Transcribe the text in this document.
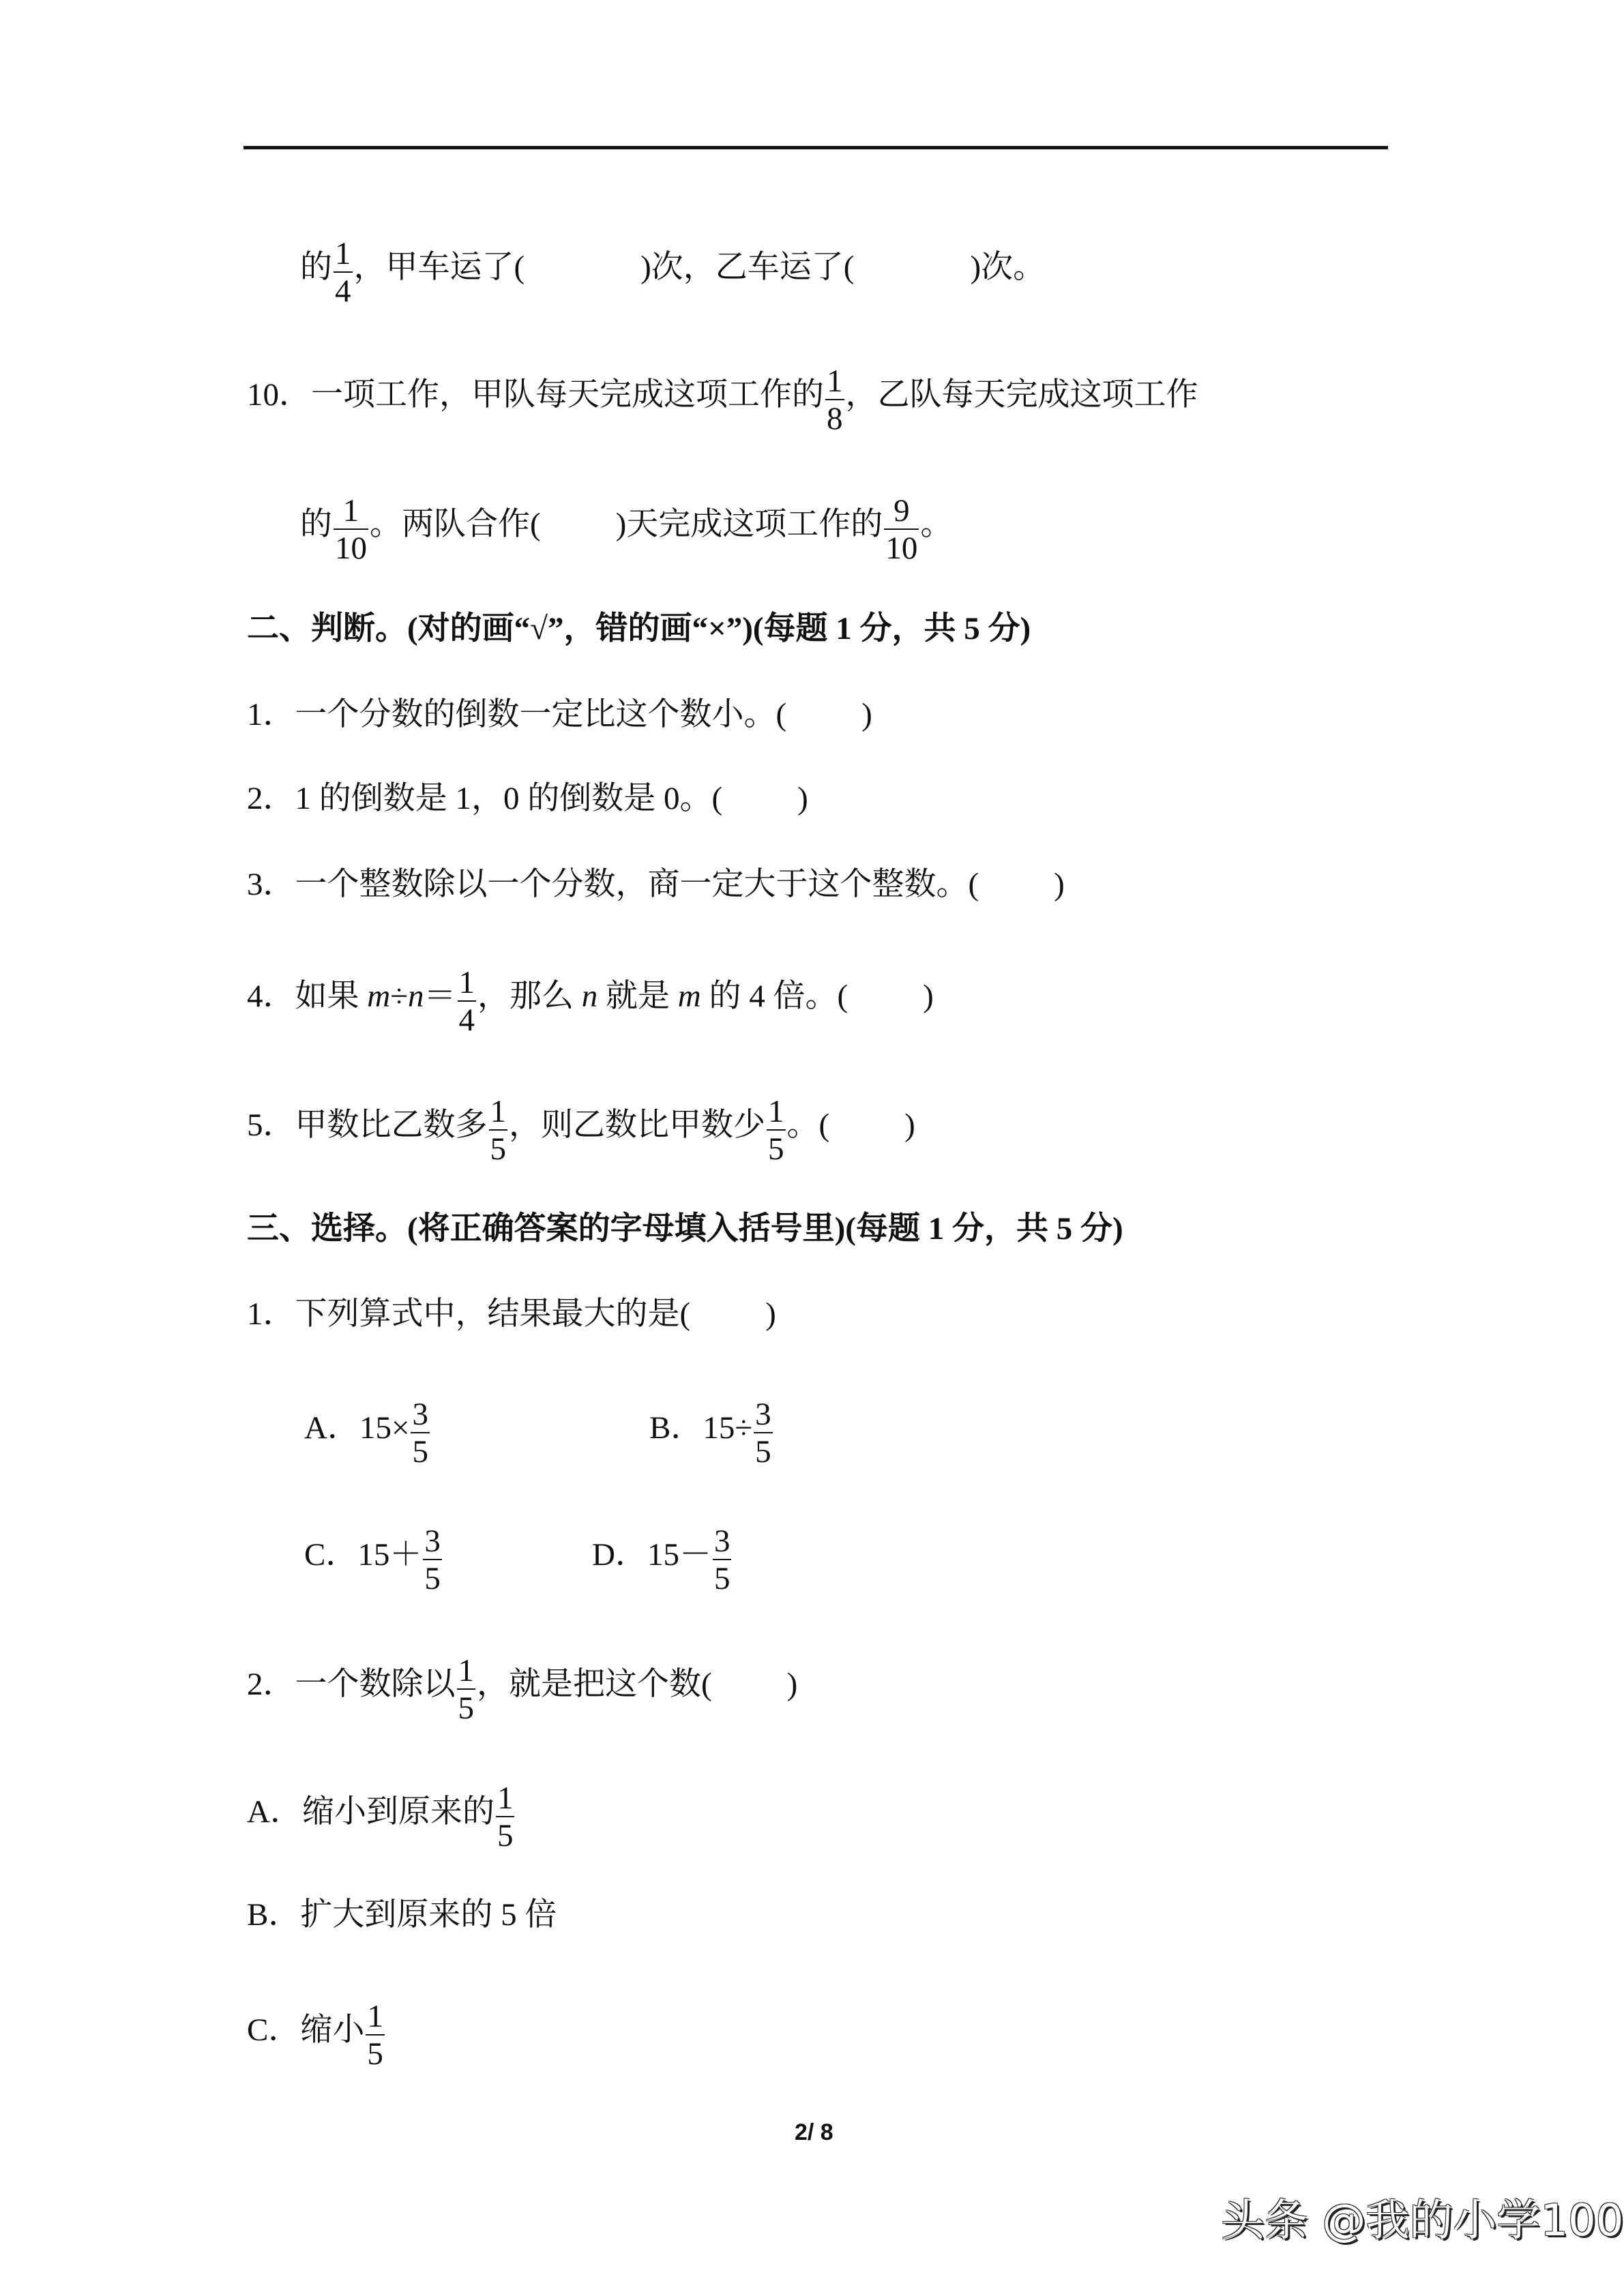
的 $\frac{1}{4}$ ，甲车运了(	)次，乙车运了(	)次。
10．一项工作，甲队每天完成这项工作的 $\frac{1}{8}$ ，乙队每天完成这项工作
的 $\frac{1}{10}$ 。两队合作( )天完成这项工作的 $\frac{9}{10}$ 。
二、判断。(对的画“√”，错的画“×”)(每题 1 分，共 5 分)
1．一个分数的倒数一定比这个数小。( )
2．1 的倒数是 1，0 的倒数是 0。( )
3．一个整数除以一个分数，商一定大于这个整数。( )
4．如果 $m\div n= \frac{1}{4}$ ，那么 n 就是 m 的 4 倍。( )
5．甲数比乙数多 $\frac{1}{5}$ ，则乙数比甲数少 $\frac{1}{5}$ 。( )
三、选择。(将正确答案的字母填入括号里)(每题 1 分，共 5 分)
1．下列算式中，结果最大的是( )
A．$15\times \frac{3}{5}$	B．$15\div \frac{3}{5}$
C．$15+ \frac{3}{5}$	D．$15- \frac{3}{5}$
2．一个数除以 $\frac{1}{5}$ ，就是把这个数( )
A．缩小到原来的 $\frac{1}{5}$
B．扩大到原来的 5 倍
C．缩小 $\frac{1}{5}$
2/ 8
头条 @我的小学100
